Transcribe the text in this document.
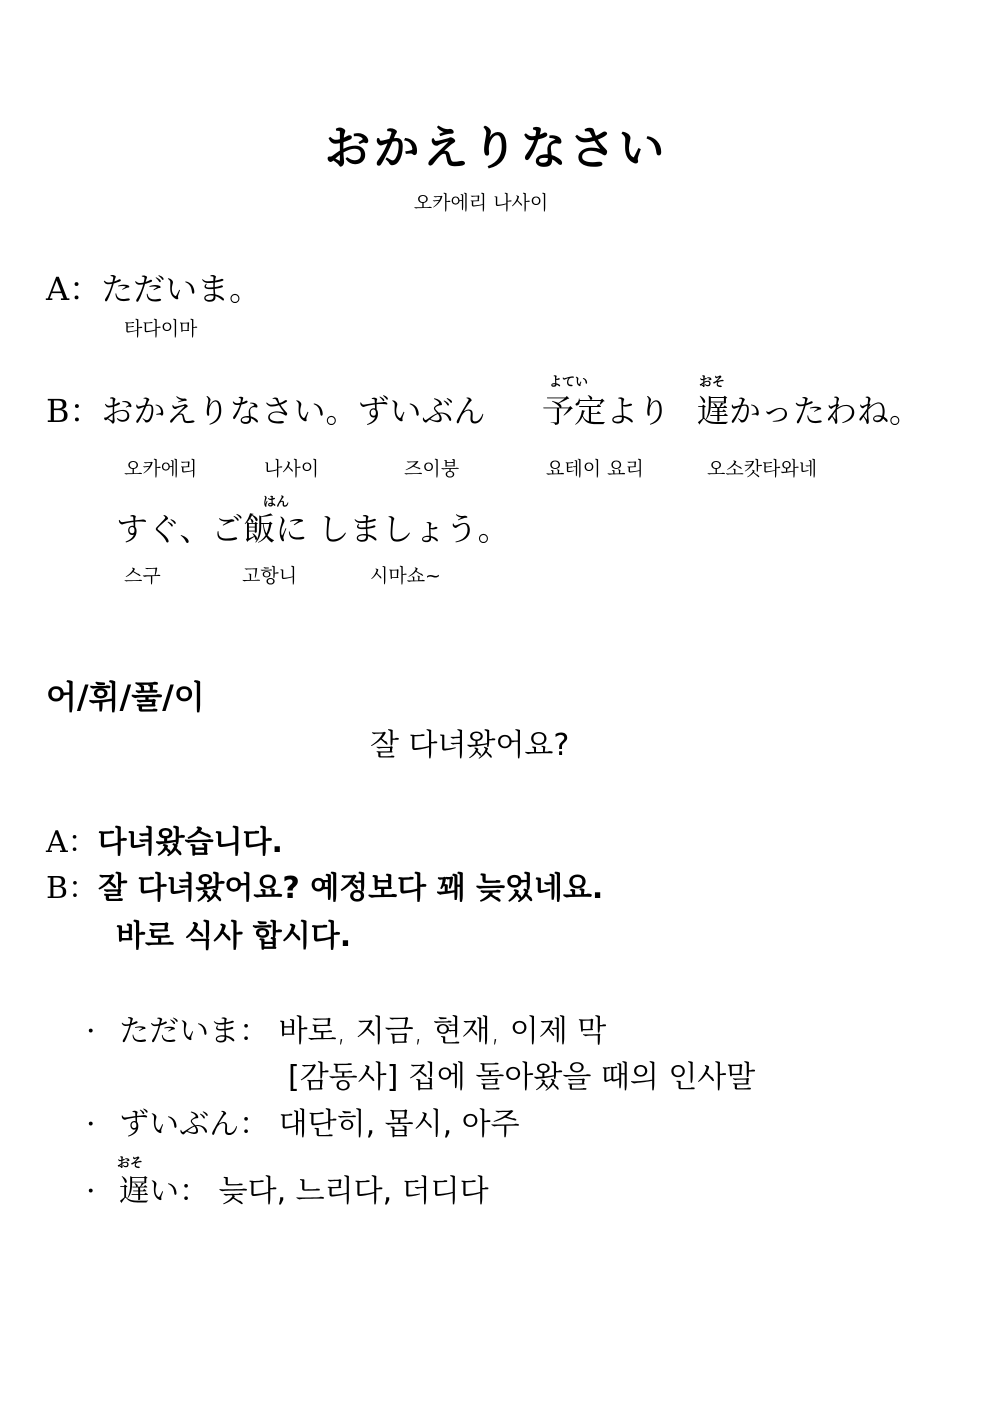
おかえりなさい
오카에리 나사이
A：ただいま。
타다이마
よてい	おそ
B：おかえりなさい。ずいぶん 予定より 遅かったわね。
오카에리	나사이	즈이붕	요테이 요리	오소캇타와네
はん
すぐ、ご飯に しましょう。
스구	고항니	시마쇼~
어/휘/풀/이
잘 다녀왔어요?
A：다녀왔습니다.
B：잘 다녀왔어요? 예정보다 꽤 늦었네요.
바로 식사 합시다.
· ただいま： 바로, 지금, 현재, 이제 막
[감동사] 집에 돌아왔을 때의 인사말
· ずいぶん： 대단히, 몹시, 아주
おそ
· 遅い： 늦다, 느리다, 더디다
